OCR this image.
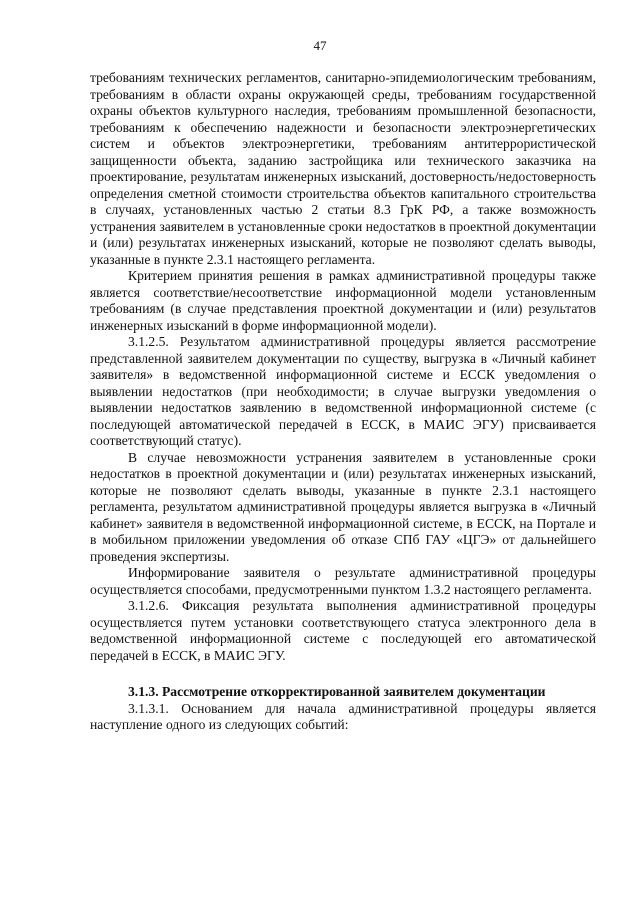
47

требованиям технических регламентов, санитарно-эпидемиологическим требованиям, требованиям в области охраны окружающей среды, требованиям государственной охраны объектов культурного наследия, требованиям промышленной безопасности, требованиям к обеспечению надежности и безопасности электроэнергетических систем и объектов электроэнергетики, требованиям антитеррористической защищенности объекта, заданию застройщика или технического заказчика на проектирование, результатам инженерных изысканий, достоверность/недостоверность определения сметной стоимости строительства объектов капитального строительства в случаях, установленных частью 2 статьи 8.3 ГрК РФ, а также возможность устранения заявителем в установленные сроки недостатков в проектной документации и (или) результатах инженерных изысканий, которые не позволяют сделать выводы, указанные в пункте 2.3.1 настоящего регламента.

Критерием принятия решения в рамках административной процедуры также является соответствие/несоответствие информационной модели установленным требованиям (в случае представления проектной документации и (или) результатов инженерных изысканий в форме информационной модели).

3.1.2.5. Результатом административной процедуры является рассмотрение представленной заявителем документации по существу, выгрузка в «Личный кабинет заявителя» в ведомственной информационной системе и ЕССК уведомления о выявлении недостатков (при необходимости; в случае выгрузки уведомления о выявлении недостатков заявлению в ведомственной информационной системе (с последующей автоматической передачей в ЕССК, в МАИС ЭГУ) присваивается соответствующий статус).

В случае невозможности устранения заявителем в установленные сроки недостатков в проектной документации и (или) результатах инженерных изысканий, которые не позволяют сделать выводы, указанные в пункте 2.3.1 настоящего регламента, результатом административной процедуры является выгрузка в «Личный кабинет» заявителя в ведомственной информационной системе, в ЕССК, на Портале и в мобильном приложении уведомления об отказе СПб ГАУ «ЦГЭ» от дальнейшего проведения экспертизы.

Информирование заявителя о результате административной процедуры осуществляется способами, предусмотренными пунктом 1.3.2 настоящего регламента.

3.1.2.6. Фиксация результата выполнения административной процедуры осуществляется путем установки соответствующего статуса электронного дела в ведомственной информационной системе с последующей его автоматической передачей в ЕССК, в МАИС ЭГУ.

3.1.3. Рассмотрение откорректированной заявителем документации

3.1.3.1. Основанием для начала административной процедуры является наступление одного из следующих событий:
